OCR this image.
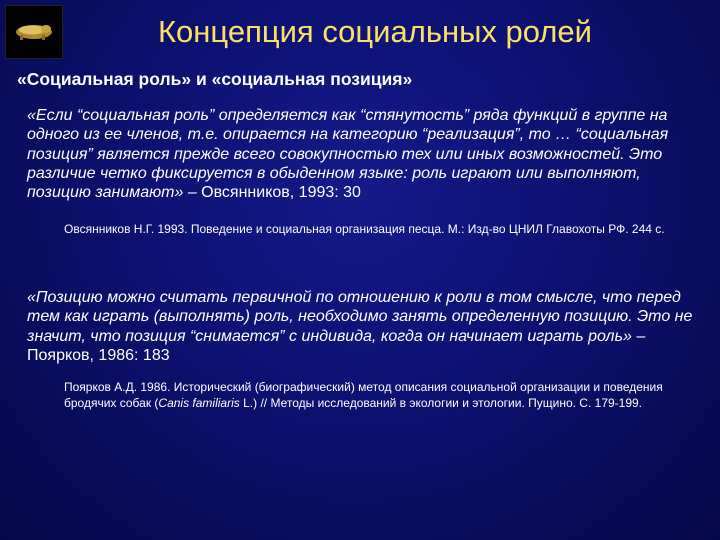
Концепция социальных ролей
«Социальная роль» и «социальная позиция»
«Если “социальная роль” определяется как “стянутость” ряда функций в группе на одного из ее членов, т.е. опирается на категорию “реализация”, то … “социальная позиция” является прежде всего совокупностью тех или иных возможностей. Это различие четко фиксируется в обыденном языке: роль играют или выполняют, позицию занимают» – Овсянников, 1993: 30
Овсянников Н.Г. 1993. Поведение и социальная организация песца. М.: Изд-во ЦНИЛ Главохоты РФ. 244 с.
«Позицию можно считать первичной по отношению к роли в том смысле, что перед тем как играть (выполнять) роль, необходимо занять определенную позицию. Это не значит, что позиция “снимается” с индивида, когда он начинает играть роль» – Поярков, 1986: 183
Поярков А.Д. 1986. Исторический (биографический) метод описания социальной организации и поведения бродячих собак (Canis familiaris L.) // Методы исследований в экологии и этологии. Пущино. С. 179-199.
